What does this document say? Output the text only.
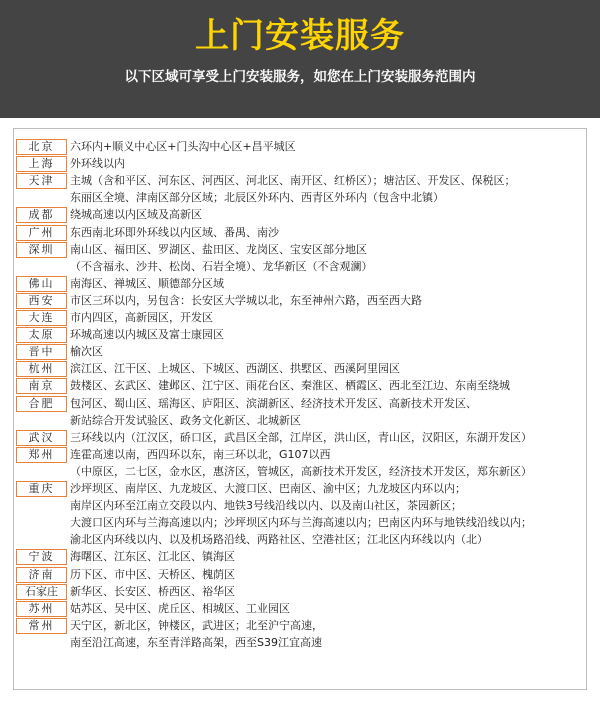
上门安装服务
以下区域可享受上门安装服务，如您在上门安装服务范围内
北京	六环内+顺义中心区+门头沟中心区+昌平城区
上海	外环线以内
天津	主城（含和平区、河东区、河西区、河北区、南开区、红桥区）；塘沽区、开发区、保税区；
东丽区全境、津南区部分区域；北辰区外环内、西青区外环内（包含中北镇）
成都	绕城高速以内区域及高新区
广州	东西南北环即外环线以内区域、番禺、南沙
深圳	南山区、福田区、罗湖区、盐田区、龙岗区、宝安区部分地区
（不含福永、沙井、松岗、石岩全境）、龙华新区（不含观澜）
佛山	南海区、禅城区、顺德部分区域
西安	市区三环以内，另包含：长安区大学城以北，东至神州六路，西至西大路
大连	市内四区，高新园区，开发区
太原	环城高速以内城区及富士康园区
晋中	榆次区
杭州	滨江区、江干区、上城区、下城区、西湖区、拱墅区、西溪阿里园区
南京	鼓楼区、玄武区、建邺区、江宁区、雨花台区、秦淮区、栖霞区、西北至江边、东南至绕城
合肥	包河区、蜀山区、瑶海区、庐阳区、滨湖新区、经济技术开发区、高新技术开发区、
新站综合开发试验区、政务文化新区、北城新区
武汉	三环线以内（江汉区，硚口区，武昌区全部，江岸区，洪山区，青山区，汉阳区，东湖开发区）
郑州	连霍高速以南，西四环以东，南三环以北，G107以西
（中原区，二七区，金水区，惠济区，管城区，高新技术开发区，经济技术开发区，郑东新区）
重庆	沙坪坝区、南岸区、九龙坡区、大渡口区、巴南区、渝中区；九龙坡区内环以内；
南岸区内环至江南立交段以内、地铁3号线沿线以内、以及南山社区，茶园新区；
大渡口区内环与兰海高速以内；沙坪坝区内环与兰海高速以内；巴南区内环与地铁线沿线以内；
渝北区内环线以内、以及机场路沿线、两路社区、空港社区；江北区内环线以内（北）
宁波	海曙区、江东区、江北区、镇海区
济南	历下区、市中区、天桥区、槐荫区
石家庄	新华区、长安区、桥西区、裕华区
苏州	姑苏区、吴中区、虎丘区、相城区、工业园区
常州	天宁区，新北区，钟楼区，武进区；北至沪宁高速，
南至沿江高速，东至青洋路高架，西至S39江宜高速
